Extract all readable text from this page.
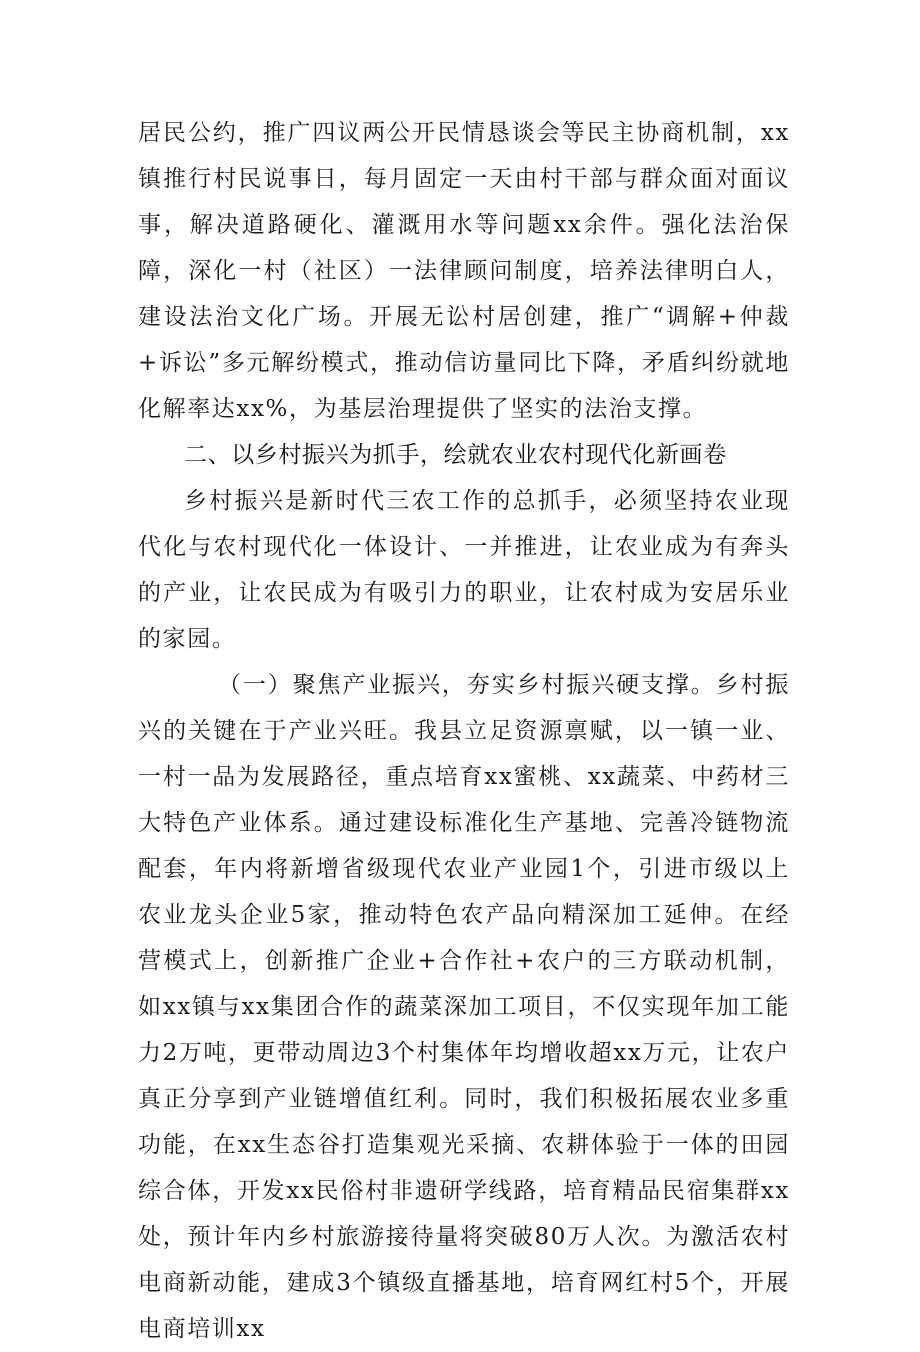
居民公约，推广四议两公开民情恳谈会等民主协商机制，xx镇推行村民说事日，每月固定一天由村干部与群众面对面议事，解决道路硬化、灌溉用水等问题xx余件。强化法治保障，深化一村（社区）一法律顾问制度，培养法律明白人，建设法治文化广场。开展无讼村居创建，推广“调解+仲裁+诉讼”多元解纷模式，推动信访量同比下降，矛盾纠纷就地化解率达xx%，为基层治理提供了坚实的法治支撑。

二、以乡村振兴为抓手，绘就农业农村现代化新画卷

乡村振兴是新时代三农工作的总抓手，必须坚持农业现代化与农村现代化一体设计、一并推进，让农业成为有奔头的产业，让农民成为有吸引力的职业，让农村成为安居乐业的家园。

（一）聚焦产业振兴，夯实乡村振兴硬支撑。乡村振兴的关键在于产业兴旺。我县立足资源禀赋，以一镇一业、一村一品为发展路径，重点培育xx蜜桃、xx蔬菜、中药材三大特色产业体系。通过建设标准化生产基地、完善冷链物流配套，年内将新增省级现代农业产业园1个，引进市级以上农业龙头企业5家，推动特色农产品向精深加工延伸。在经营模式上，创新推广企业+合作社+农户的三方联动机制，如xx镇与xx集团合作的蔬菜深加工项目，不仅实现年加工能力2万吨，更带动周边3个村集体年均增收超xx万元，让农户真正分享到产业链增值红利。同时，我们积极拓展农业多重功能，在xx生态谷打造集观光采摘、农耕体验于一体的田园综合体，开发xx民俗村非遗研学线路，培育精品民宿集群xx处，预计年内乡村旅游接待量将突破80万人次。为激活农村电商新动能，建成3个镇级直播基地，培育网红村5个，开展电商培训xx
